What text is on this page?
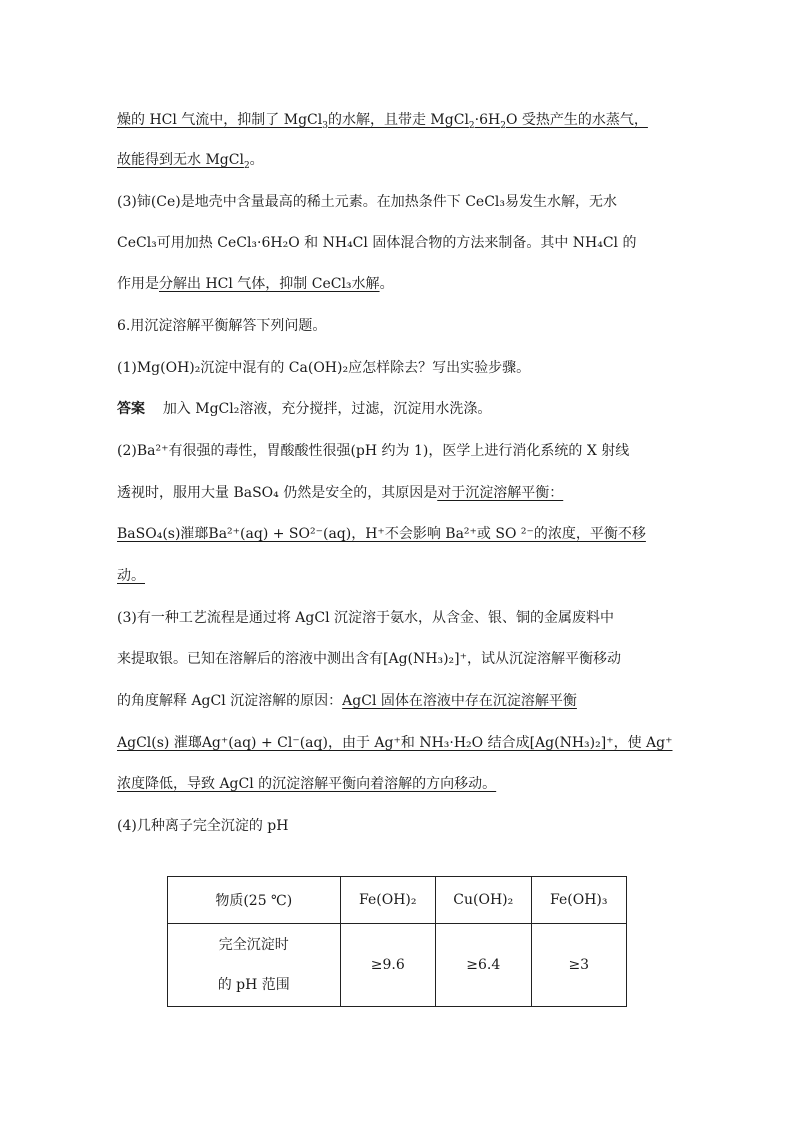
燥的 HCl 气流中，抑制了 MgCl$_3$的水解，且带走 $MgCl_2\cdot 6H_2O$ 受热产生的水蒸气，
故能得到无水 MgCl$_2$。
(3)铈(Ce)是地壳中含量最高的稀土元素。在加热条件下 CeCl₃易发生水解，无水
CeCl₃可用加热 CeCl₃·6H₂O 和 NH₄Cl 固体混合物的方法来制备。其中 NH₄Cl 的
作用是分解出 HCl 气体，抑制 CeCl₃水解。
6.用沉淀溶解平衡解答下列问题。
(1)Mg(OH)₂沉淀中混有的 Ca(OH)₂应怎样除去？写出实验步骤。
答案 加入 MgCl₂溶液，充分搅拌，过滤，沉淀用水洗涤。
(2)Ba²⁺有很强的毒性，胃酸酸性很强(pH 约为 1)，医学上进行消化系统的 X 射线
透视时，服用大量 BaSO₄ 仍然是安全的，其原因是对于沉淀溶解平衡：
BaSO₄(s)漼瑯Ba²⁺(aq) + SO²⁻(aq)，H⁺不会影响 Ba²⁺或 SO ²⁻的浓度，平衡不移
动。
(3)有一种工艺流程是通过将 AgCl 沉淀溶于氨水，从含金、银、铜的金属废料中
来提取银。已知在溶解后的溶液中测出含有[Ag(NH₃)₂]⁺，试从沉淀溶解平衡移动
的角度解释 AgCl 沉淀溶解的原因：AgCl 固体在溶液中存在沉淀溶解平衡
AgCl(s) 漼瑯Ag⁺(aq) + Cl⁻(aq)，由于 Ag⁺和 NH₃·H₂O 结合成[Ag(NH₃)₂]⁺，使 Ag⁺
浓度降低，导致 AgCl 的沉淀溶解平衡向着溶解的方向移动。
(4)几种离子完全沉淀的 pH
物质(25 ℃)	Fe(OH)₂	Cu(OH)₂	Fe(OH)₃

完全沉淀时
的 pH 范围	≥9.6	≥6.4	≥3
